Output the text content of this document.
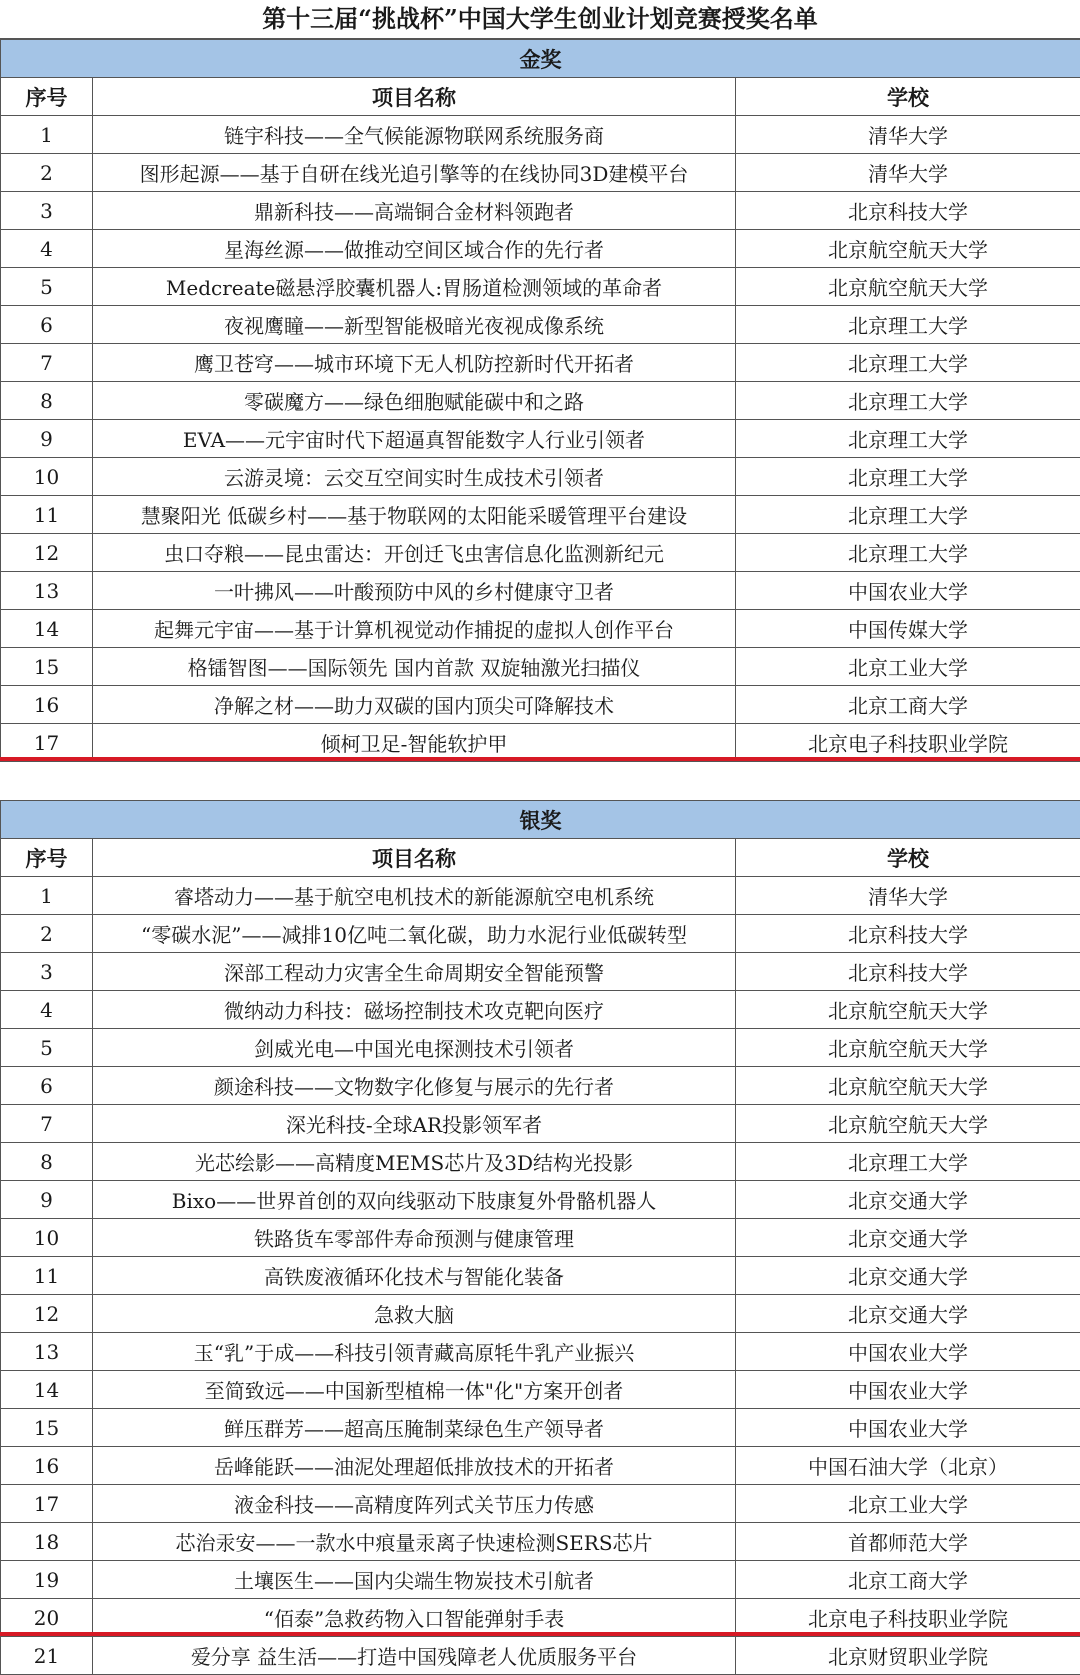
第十三届“挑战杯”中国大学生创业计划竞赛授奖名单
金奖		
序号	项目名称	学校
1	链宇科技——全气候能源物联网系统服务商	清华大学
2	图形起源——基于自研在线光追引擎等的在线协同3D建模平台	清华大学
3	鼎新科技——高端铜合金材料领跑者	北京科技大学
4	星海丝源——做推动空间区域合作的先行者	北京航空航天大学
5	Medcreate磁悬浮胶囊机器人:胃肠道检测领域的革命者	北京航空航天大学
6	夜视鹰瞳——新型智能极暗光夜视成像系统	北京理工大学
7	鹰卫苍穹——城市环境下无人机防控新时代开拓者	北京理工大学
8	零碳魔方——绿色细胞赋能碳中和之路	北京理工大学
9	EVA——元宇宙时代下超逼真智能数字人行业引领者	北京理工大学
10	云游灵境：云交互空间实时生成技术引领者	北京理工大学
11	慧聚阳光 低碳乡村——基于物联网的太阳能采暖管理平台建设	北京理工大学
12	虫口夺粮——昆虫雷达：开创迁飞虫害信息化监测新纪元	北京理工大学
13	一叶拂风——叶酸预防中风的乡村健康守卫者	中国农业大学
14	起舞元宇宙——基于计算机视觉动作捕捉的虚拟人创作平台	中国传媒大学
15	格镭智图——国际领先 国内首款 双旋轴激光扫描仪	北京工业大学
16	净解之材——助力双碳的国内顶尖可降解技术	北京工商大学
17	倾柯卫足-智能软护甲	北京电子科技职业学院
银奖		
序号	项目名称	学校
1	睿塔动力——基于航空电机技术的新能源航空电机系统	清华大学
2	“零碳水泥”——减排10亿吨二氧化碳，助力水泥行业低碳转型	北京科技大学
3	深部工程动力灾害全生命周期安全智能预警	北京科技大学
4	微纳动力科技：磁场控制技术攻克靶向医疗	北京航空航天大学
5	剑威光电—中国光电探测技术引领者	北京航空航天大学
6	颜途科技——文物数字化修复与展示的先行者	北京航空航天大学
7	深光科技-全球AR投影领军者	北京航空航天大学
8	光芯绘影——高精度MEMS芯片及3D结构光投影	北京理工大学
9	Bixo——世界首创的双向线驱动下肢康复外骨骼机器人	北京交通大学
10	铁路货车零部件寿命预测与健康管理	北京交通大学
11	高铁废液循环化技术与智能化装备	北京交通大学
12	急救大脑	北京交通大学
13	玉“乳”于成——科技引领青藏高原牦牛乳产业振兴	中国农业大学
14	至简致远——中国新型植棉一体"化"方案开创者	中国农业大学
15	鲜压群芳——超高压腌制菜绿色生产领导者	中国农业大学
16	岳峰能跃——油泥处理超低排放技术的开拓者	中国石油大学（北京）
17	液金科技——高精度阵列式关节压力传感	北京工业大学
18	芯治汞安——一款水中痕量汞离子快速检测SERS芯片	首都师范大学
19	土壤医生——国内尖端生物炭技术引航者	北京工商大学
20	“佰泰”急救药物入口智能弹射手表	北京电子科技职业学院
21	爱分享 益生活——打造中国残障老人优质服务平台	北京财贸职业学院
